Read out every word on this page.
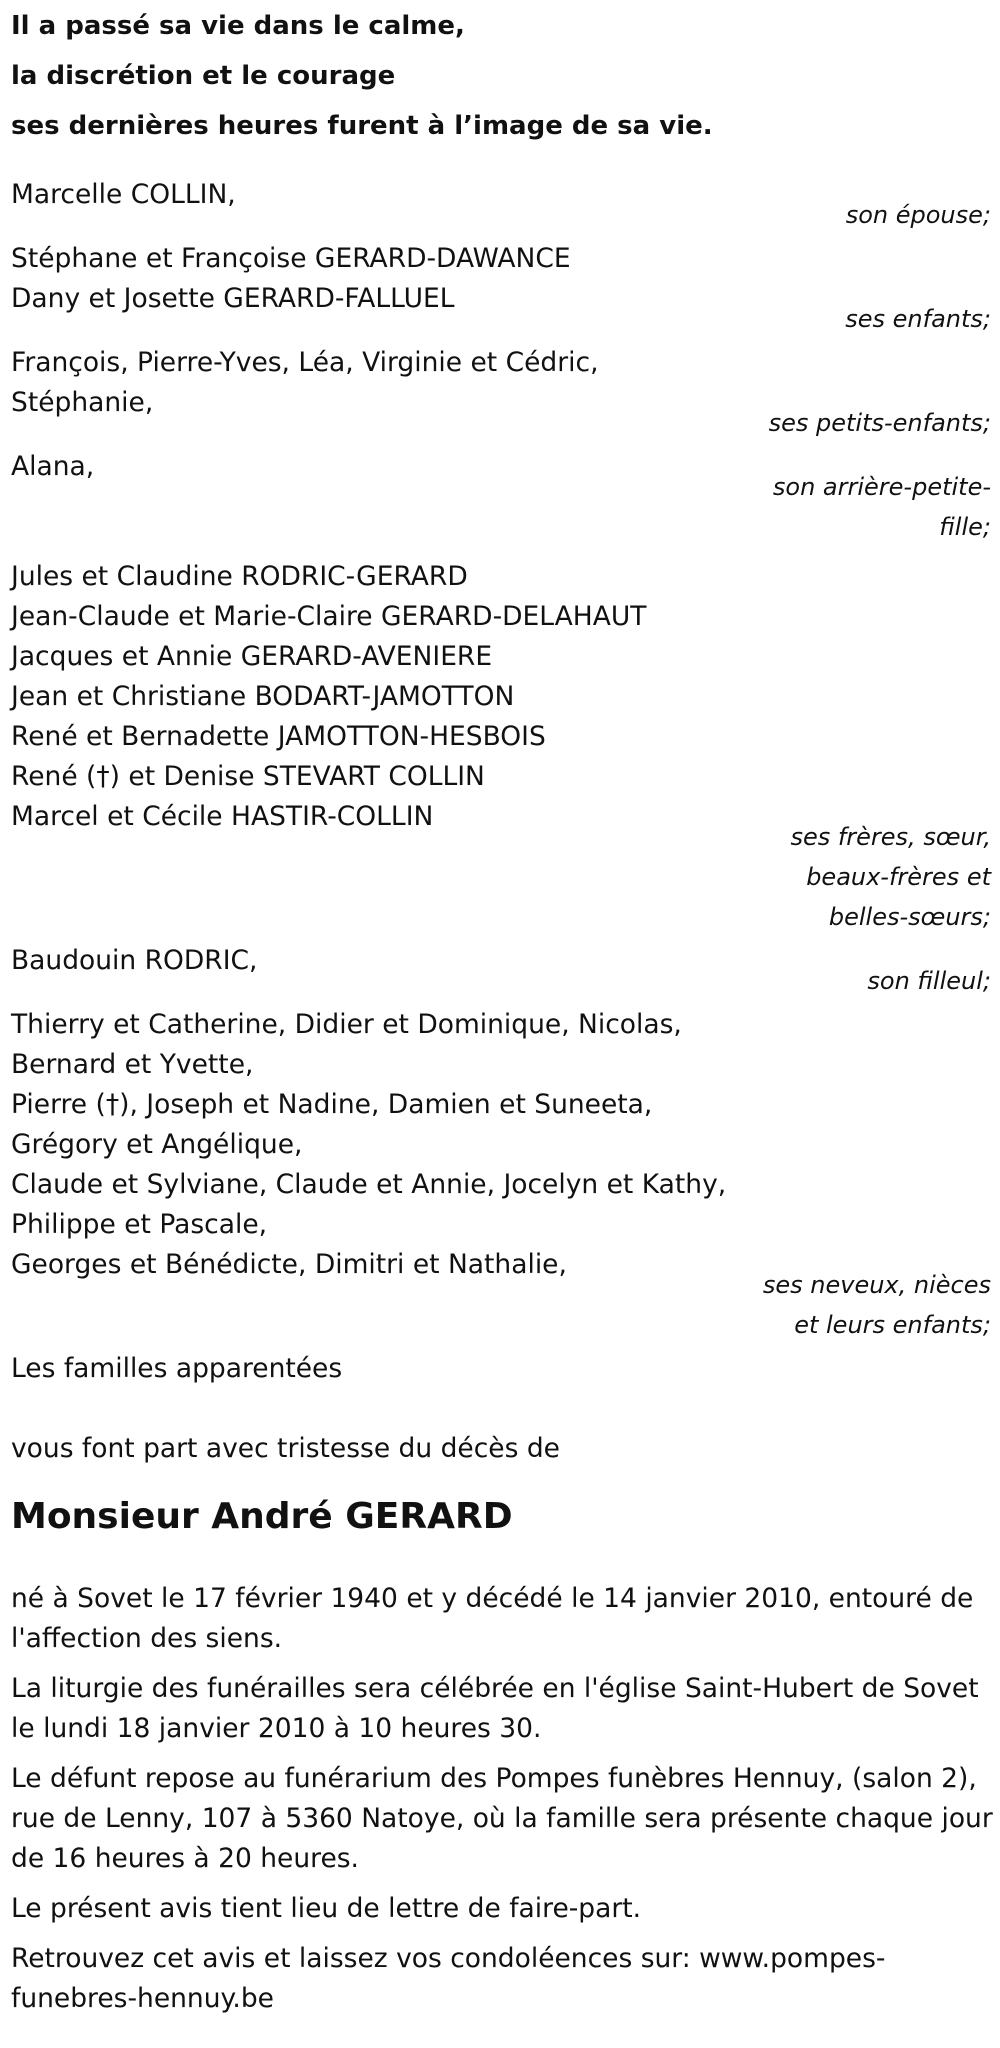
Il a passé sa vie dans le calme,
la discrétion et le courage
ses dernières heures furent à l’image de sa vie.
Marcelle COLLIN,
son épouse;
Stéphane et Françoise GERARD-DAWANCE
Dany et Josette GERARD-FALLUEL
ses enfants;
François, Pierre-Yves, Léa, Virginie et Cédric,
Stéphanie,
ses petits-enfants;
Alana,
son arrière-petite-
fille;
Jules et Claudine RODRIC-GERARD
Jean-Claude et Marie-Claire GERARD-DELAHAUT
Jacques et Annie GERARD-AVENIERE
Jean et Christiane BODART-JAMOTTON
René et Bernadette JAMOTTON-HESBOIS
René (†) et Denise STEVART COLLIN
Marcel et Cécile HASTIR-COLLIN
ses frères, sœur,
beaux-frères et
belles-sœurs;
Baudouin RODRIC,
son filleul;
Thierry et Catherine, Didier et Dominique, Nicolas,
Bernard et Yvette,
Pierre (†), Joseph et Nadine, Damien et Suneeta,
Grégory et Angélique,
Claude et Sylviane, Claude et Annie, Jocelyn et Kathy,
Philippe et Pascale,
Georges et Bénédicte, Dimitri et Nathalie,
ses neveux, nièces
et leurs enfants;
Les familles apparentées
vous font part avec tristesse du décès de
Monsieur André GERARD
né à Sovet le 17 février 1940 et y décédé le 14 janvier 2010, entouré de l'affection des siens.
La liturgie des funérailles sera célébrée en l'église Saint-Hubert de Sovet le lundi 18 janvier 2010 à 10 heures 30.
Le défunt repose au funérarium des Pompes funèbres Hennuy, (salon 2), rue de Lenny, 107 à 5360 Natoye, où la famille sera présente chaque jour de 16 heures à 20 heures.
Le présent avis tient lieu de lettre de faire-part.
Retrouvez cet avis et laissez vos condoléences sur: www.pompes-funebres-hennuy.be
